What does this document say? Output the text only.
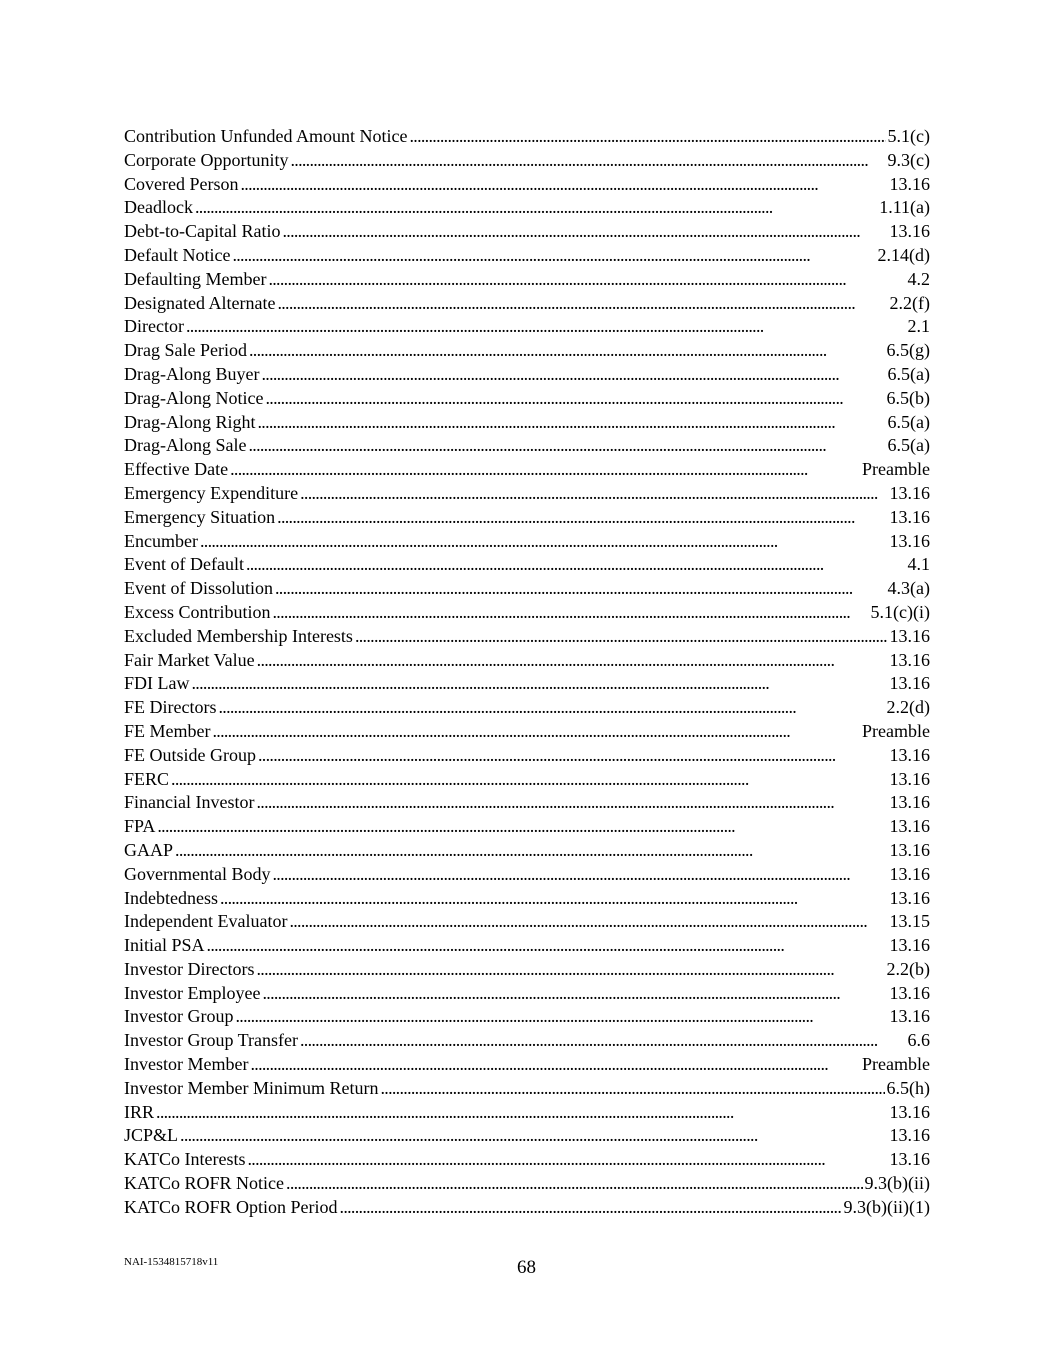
Contribution Unfunded Amount Notice . . .	5.1(c)
Corporate Opportunity . . .	9.3(c)
Covered Person . . .	13.16
Deadlock . . .	1.11(a)
Debt-to-Capital Ratio . . .	13.16
Default Notice . . .	2.14(d)
Defaulting Member . . .	4.2
Designated Alternate . . .	2.2(f)
Director . . .	2.1
Drag Sale Period . . .	6.5(g)
Drag-Along Buyer . . .	6.5(a)
Drag-Along Notice . . .	6.5(b)
Drag-Along Right . . .	6.5(a)
Drag-Along Sale . . .	6.5(a)
Effective Date . . .	Preamble
Emergency Expenditure . . .	13.16
Emergency Situation . . .	13.16
Encumber . . .	13.16
Event of Default . . .	4.1
Event of Dissolution . . .	4.3(a)
Excess Contribution . . .	5.1(c)(i)
Excluded Membership Interests . . .	13.16
Fair Market Value . . .	13.16
FDI Law . . .	13.16
FE Directors . . .	2.2(d)
FE Member . . .	Preamble
FE Outside Group . . .	13.16
FERC . . .	13.16
Financial Investor . . .	13.16
FPA . . .	13.16
GAAP . . .	13.16
Governmental Body . . .	13.16
Indebtedness . . .	13.16
Independent Evaluator . . .	13.15
Initial PSA . . .	13.16
Investor Directors . . .	2.2(b)
Investor Employee . . .	13.16
Investor Group . . .	13.16
Investor Group Transfer . . .	6.6
Investor Member . . .	Preamble
Investor Member Minimum Return . . .	6.5(h)
IRR . . .	13.16
JCP&L . . .	13.16
KATCo Interests . . .	13.16
KATCo ROFR Notice . . .	9.3(b)(ii)
KATCo ROFR Option Period . . .	9.3(b)(ii)(1)
NAI-1534815718v11	68
